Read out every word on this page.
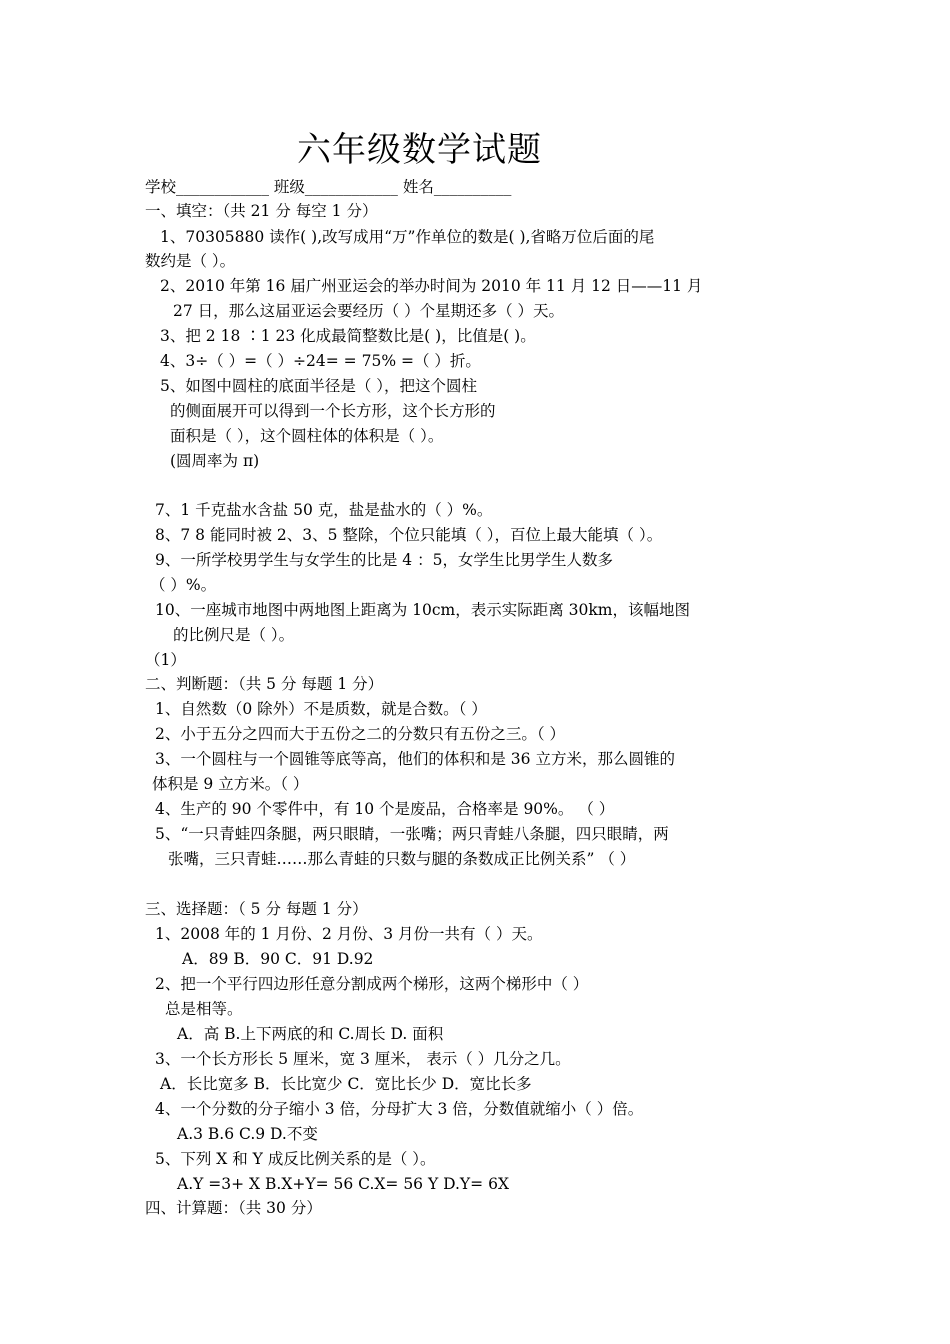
六年级数学试题
学校____________ 班级____________ 姓名__________
一、填空：（共 21 分 每空 1 分）
1、70305880 读作( ),改写成用“万”作单位的数是( ),省略万位后面的尾
数约是（ ）。
2、2010 年第 16 届广州亚运会的举办时间为 2010 年 11 月 12 日——11 月
27 日，那么这届亚运会要经历（ ）个星期还多（ ）天。
3、把 2 18 ∶1 23 化成最简整数比是( )，比值是( )。
4、3÷（ ）=（ ）÷24= = 75% =（ ）折。
5、如图中圆柱的底面半径是（ ），把这个圆柱
的侧面展开可以得到一个长方形，这个长方形的
面积是（ ），这个圆柱体的体积是（ ）。
(圆周率为 π)
7、1 千克盐水含盐 50 克，盐是盐水的（ ）%。
8、7 8 能同时被 2、3、5 整除，个位只能填（ ），百位上最大能填（ ）。
9、一所学校男学生与女学生的比是 4 ：5，女学生比男学生人数多
（ ）%。
10、一座城市地图中两地图上距离为 10cm，表示实际距离 30km，该幅地图
的比例尺是（ ）。
（1）
二、判断题：（共 5 分 每题 1 分）
1、自然数（0 除外）不是质数，就是合数。（ ）
2、小于五分之四而大于五份之二的分数只有五份之三。（ ）
3、一个圆柱与一个圆锥等底等高，他们的体积和是 36 立方米，那么圆锥的
体积是 9 立方米。（ ）
4、生产的 90 个零件中，有 10 个是废品，合格率是 90%。 （ ）
5、“一只青蛙四条腿，两只眼睛，一张嘴；两只青蛙八条腿，四只眼睛，两
张嘴，三只青蛙……那么青蛙的只数与腿的条数成正比例关系” （ ）
三、选择题：（ 5 分 每题 1 分）
1、2008 年的 1 月份、2 月份、3 月份一共有（ ）天。
A．89 B．90 C．91 D.92
2、把一个平行四边形任意分割成两个梯形，这两个梯形中（ ）
总是相等。
A．高 B.上下两底的和 C.周长 D. 面积
3、一个长方形长 5 厘米，宽 3 厘米， 表示（ ）几分之几。
A．长比宽多 B．长比宽少 C．宽比长少 D．宽比长多
4、一个分数的分子缩小 3 倍，分母扩大 3 倍，分数值就缩小（ ）倍。
A.3 B.6 C.9 D.不变
5、下列 X 和 Y 成反比例关系的是（ ）。
A.Y =3+ X B.X+Y= 56 C.X= 56 Y D.Y= 6X
四、计算题：（共 30 分）
